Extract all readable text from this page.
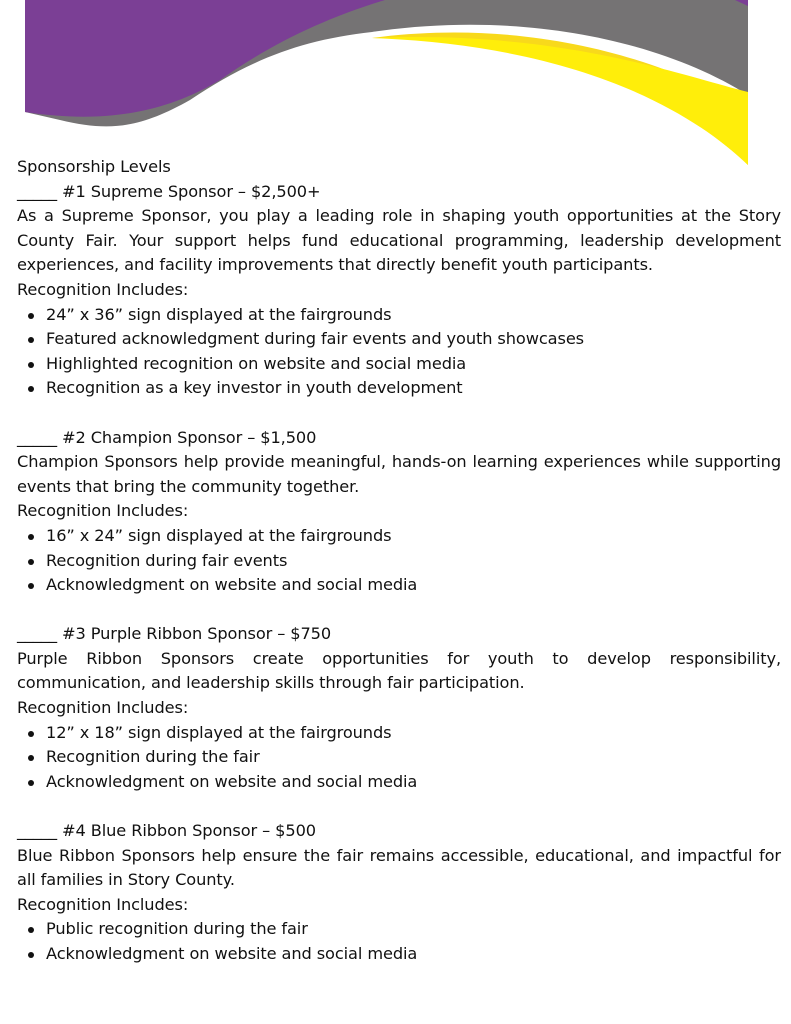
Sponsorship Levels

_____ #1 Supreme Sponsor – $2,500+

As a Supreme Sponsor, you play a leading role in shaping youth opportunities at the Story County Fair. Your support helps fund educational programming, leadership development experiences, and facility improvements that directly benefit youth participants.

Recognition Includes:

24” x 36” sign displayed at the fairgrounds
Featured acknowledgment during fair events and youth showcases
Highlighted recognition on website and social media
Recognition as a key investor in youth development

_____ #2 Champion Sponsor – $1,500

Champion Sponsors help provide meaningful, hands-on learning experiences while supporting events that bring the community together.

Recognition Includes:

16” x 24” sign displayed at the fairgrounds
Recognition during fair events
Acknowledgment on website and social media

_____ #3 Purple Ribbon Sponsor – $750

Purple Ribbon Sponsors create opportunities for youth to develop responsibility, communication, and leadership skills through fair participation.

Recognition Includes:

12” x 18” sign displayed at the fairgrounds
Recognition during the fair
Acknowledgment on website and social media

_____ #4 Blue Ribbon Sponsor – $500

Blue Ribbon Sponsors help ensure the fair remains accessible, educational, and impactful for all families in Story County.

Recognition Includes:

Public recognition during the fair
Acknowledgment on website and social media
